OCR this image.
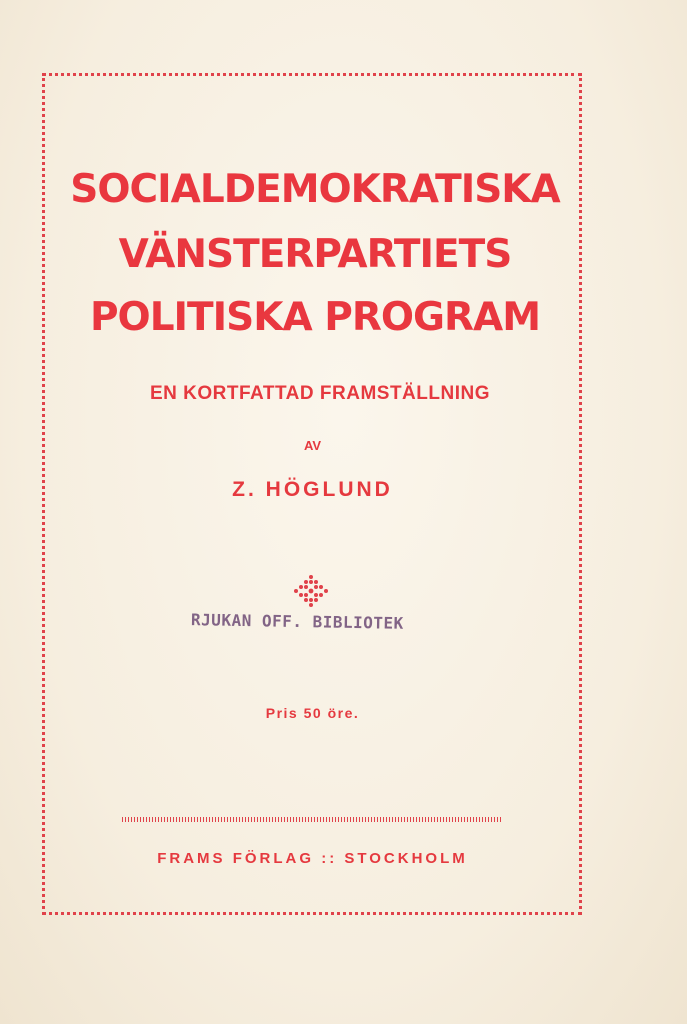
SOCIALDEMOKRATISKA
VÄNSTERPARTIETS
POLITISKA PROGRAM
EN KORTFATTAD FRAMSTÄLLNING
AV
Z. HÖGLUND
RJUKAN OFF. BIBLIOTEK
Pris 50 öre.
FRAMS FÖRLAG :: STOCKHOLM
